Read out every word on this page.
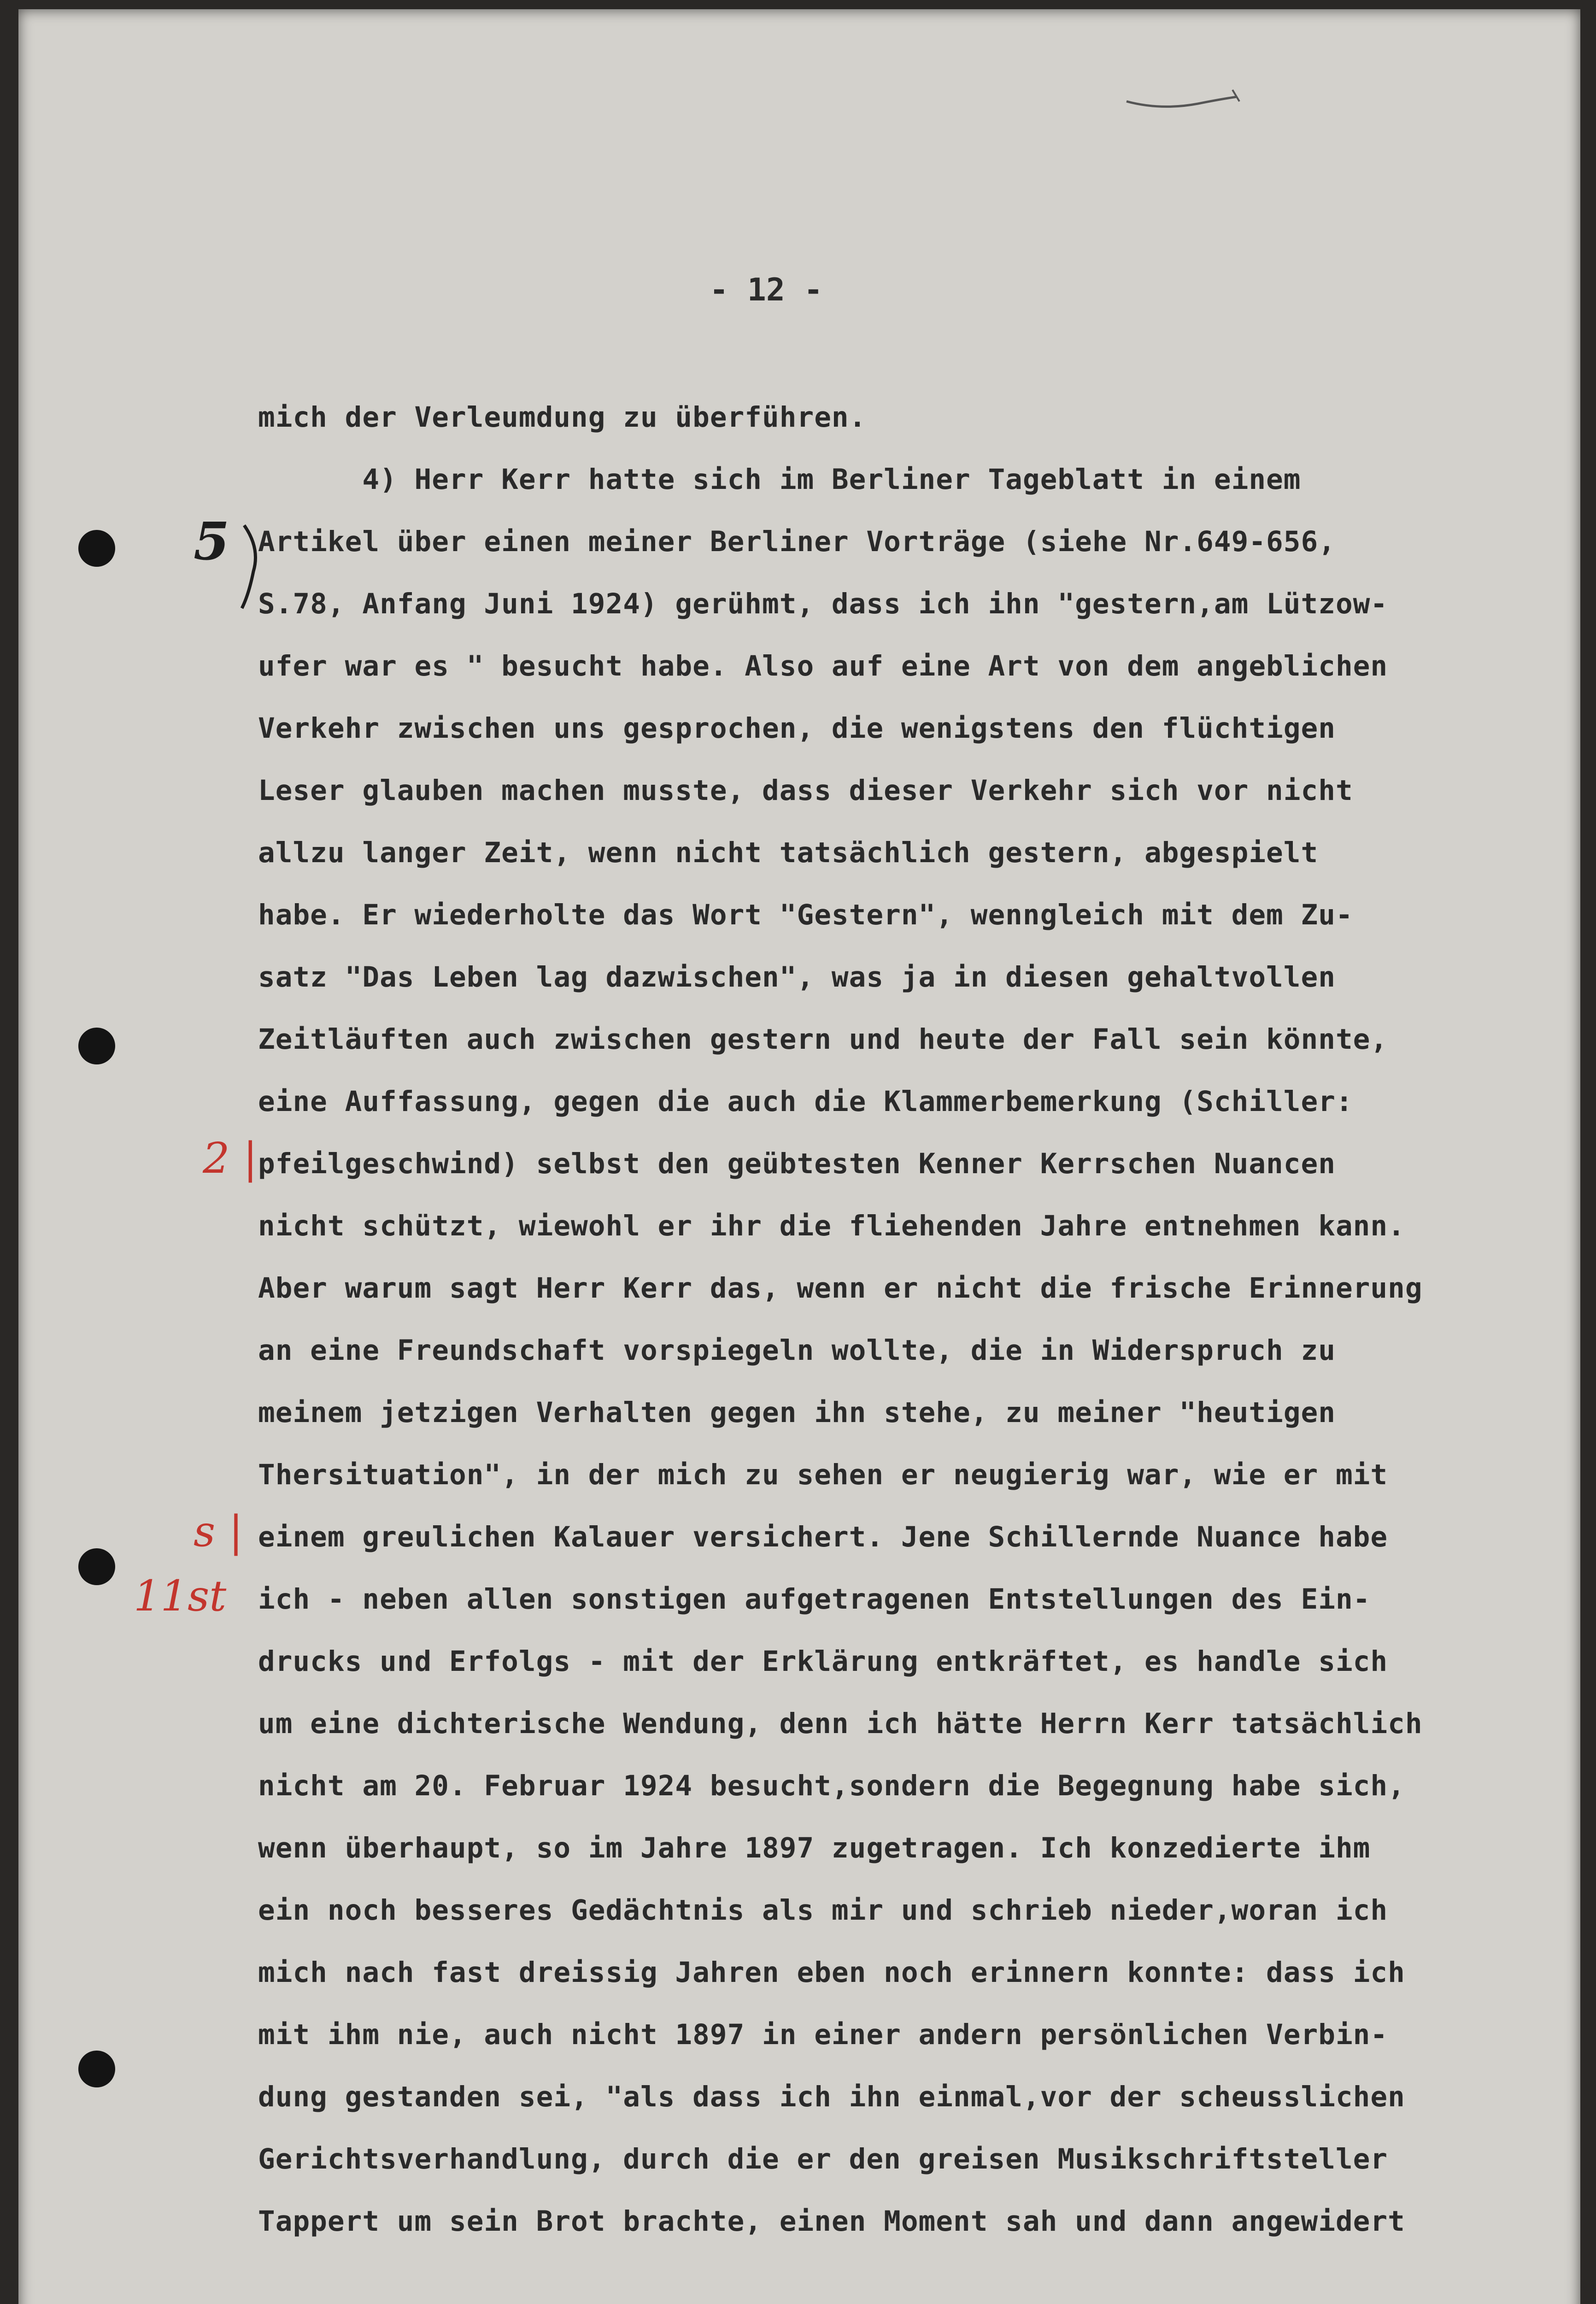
- 12 -
mich der Verleumdung zu überführen.
4) Herr Kerr hatte sich im Berliner Tageblatt in einem
Artikel über einen meiner Berliner Vorträge (siehe Nr.649-656,
S.78, Anfang Juni 1924) gerühmt, dass ich ihn "gestern,am Lützow-
ufer war es " besucht habe. Also auf eine Art von dem angeblichen
Verkehr zwischen uns gesprochen, die wenigstens den flüchtigen
Leser glauben machen musste, dass dieser Verkehr sich vor nicht
allzu langer Zeit, wenn nicht tatsächlich gestern, abgespielt
habe. Er wiederholte das Wort "Gestern", wenngleich mit dem Zu-
satz "Das Leben lag dazwischen", was ja in diesen gehaltvollen
Zeitläuften auch zwischen gestern und heute der Fall sein könnte,
eine Auffassung, gegen die auch die Klammerbemerkung (Schiller:
pfeilgeschwind) selbst den geübtesten Kenner Kerrschen Nuancen
nicht schützt, wiewohl er ihr die fliehenden Jahre entnehmen kann.
Aber warum sagt Herr Kerr das, wenn er nicht die frische Erinnerung
an eine Freundschaft vorspiegeln wollte, die in Widerspruch zu
meinem jetzigen Verhalten gegen ihn stehe, zu meiner "heutigen
Thersituation", in der mich zu sehen er neugierig war, wie er mit
einem greulichen Kalauer versichert. Jene Schillernde Nuance habe
ich - neben allen sonstigen aufgetragenen Entstellungen des Ein-
drucks und Erfolgs - mit der Erklärung entkräftet, es handle sich
um eine dichterische Wendung, denn ich hätte Herrn Kerr tatsächlich
nicht am 20. Februar 1924 besucht,sondern die Begegnung habe sich,
wenn überhaupt, so im Jahre 1897 zugetragen. Ich konzedierte ihm
ein noch besseres Gedächtnis als mir und schrieb nieder,woran ich
mich nach fast dreissig Jahren eben noch erinnern konnte: dass ich
mit ihm nie, auch nicht 1897 in einer andern persönlichen Verbin-
dung gestanden sei, "als dass ich ihn einmal,vor der scheusslichen
Gerichtsverhandlung, durch die er den greisen Musikschriftsteller
Tappert um sein Brot brachte, einen Moment sah und dann angewidert
5
2 |
s |
11st
